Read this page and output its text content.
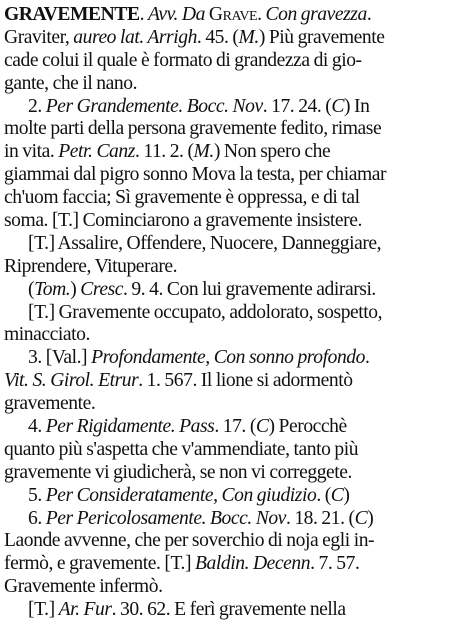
GRAVEMENTE. Avv. Da Grave. Con gravezza.
Graviter, aureo lat. Arrigh. 45. (M.) Più gravemente
cade colui il quale è formato di grandezza di gio-
gante, che il nano.
2. Per Grandemente. Bocc. Nov. 17. 24. (C) In
molte parti della persona gravemente fedito, rimase
in vita. Petr. Canz. 11. 2. (M.) Non spero che
giammai dal pigro sonno Mova la testa, per chiamar
ch'uom faccia; Sì gravemente è oppressa, e di tal
soma. [T.] Cominciarono a gravemente insistere.
[T.] Assalire, Offendere, Nuocere, Danneggiare,
Riprendere, Vituperare.
(Tom.) Cresc. 9. 4. Con lui gravemente adirarsi.
[T.] Gravemente occupato, addolorato, sospetto,
minacciato.
3. [Val.] Profondamente, Con sonno profondo.
Vit. S. Girol. Etrur. 1. 567. Il lione si adormentò
gravemente.
4. Per Rigidamente. Pass. 17. (C) Perocchè
quanto più s'aspetta che v'ammendiate, tanto più
gravemente vi giudicherà, se non vi correggete.
5. Per Consideratamente, Con giudizio. (C)
6. Per Pericolosamente. Bocc. Nov. 18. 21. (C)
Laonde avvenne, che per soverchio di noja egli in-
fermò, e gravemente. [T.] Baldin. Decenn. 7. 57.
Gravemente infermò.
[T.] Ar. Fur. 30. 62. E ferì gravemente nella
